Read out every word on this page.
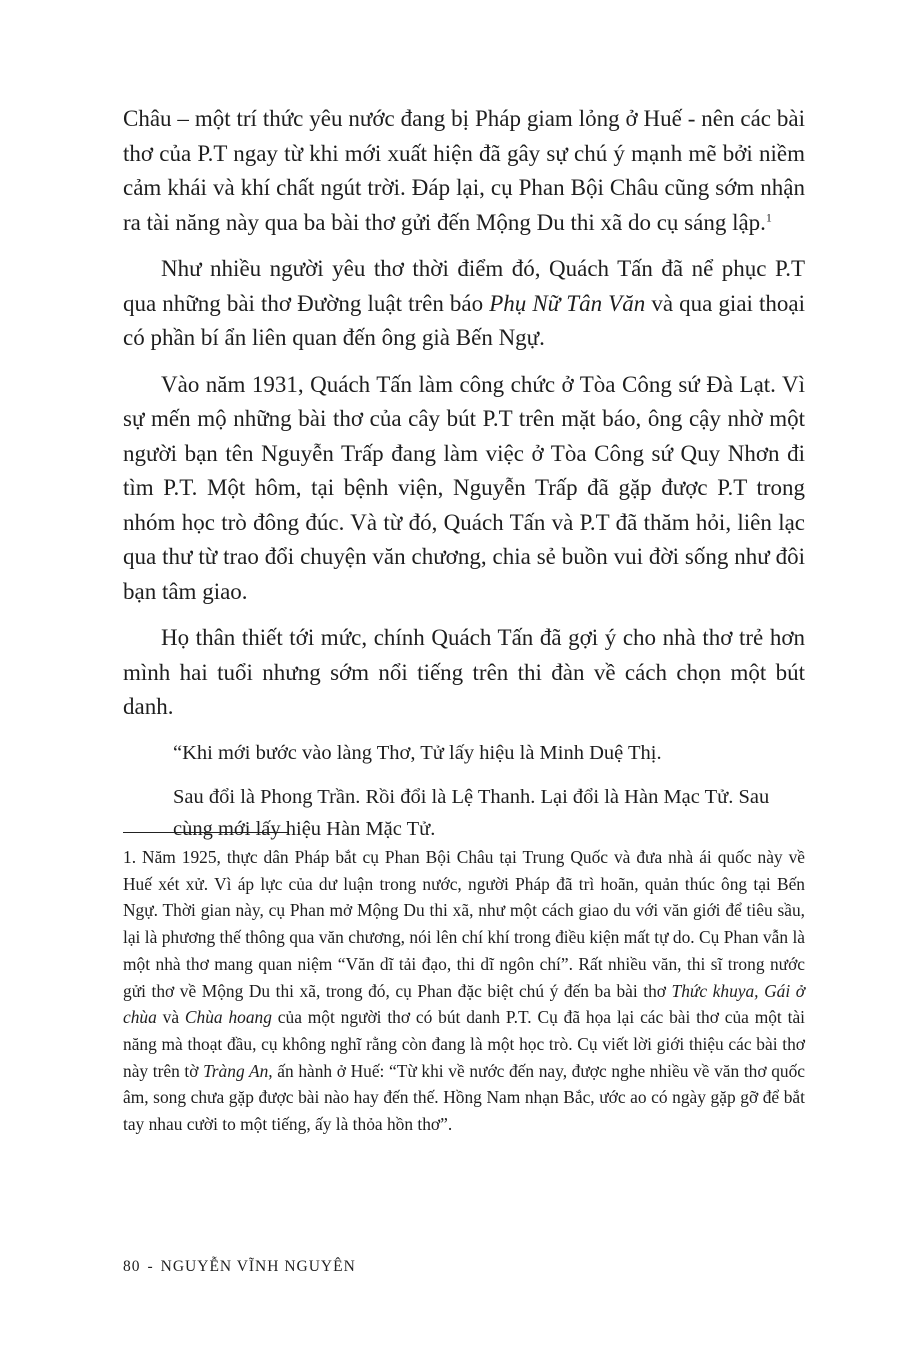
Châu – một trí thức yêu nước đang bị Pháp giam lỏng ở Huế - nên các bài thơ của P.T ngay từ khi mới xuất hiện đã gây sự chú ý mạnh mẽ bởi niềm cảm khái và khí chất ngút trời. Đáp lại, cụ Phan Bội Châu cũng sớm nhận ra tài năng này qua ba bài thơ gửi đến Mộng Du thi xã do cụ sáng lập.$^1$

Như nhiều người yêu thơ thời điểm đó, Quách Tấn đã nể phục P.T qua những bài thơ Đường luật trên báo Phụ Nữ Tân Văn và qua giai thoại có phần bí ẩn liên quan đến ông già Bến Ngự.

Vào năm 1931, Quách Tấn làm công chức ở Tòa Công sứ Đà Lạt. Vì sự mến mộ những bài thơ của cây bút P.T trên mặt báo, ông cậy nhờ một người bạn tên Nguyễn Trấp đang làm việc ở Tòa Công sứ Quy Nhơn đi tìm P.T. Một hôm, tại bệnh viện, Nguyễn Trấp đã gặp được P.T trong nhóm học trò đông đúc. Và từ đó, Quách Tấn và P.T đã thăm hỏi, liên lạc qua thư từ trao đổi chuyện văn chương, chia sẻ buồn vui đời sống như đôi bạn tâm giao.

Họ thân thiết tới mức, chính Quách Tấn đã gợi ý cho nhà thơ trẻ hơn mình hai tuổi nhưng sớm nổi tiếng trên thi đàn về cách chọn một bút danh.

“Khi mới bước vào làng Thơ, Tử lấy hiệu là Minh Duệ Thị.

Sau đổi là Phong Trần. Rồi đổi là Lệ Thanh. Lại đổi là Hàn Mạc Tử. Sau cùng mới lấy hiệu Hàn Mặc Tử.

1. Năm 1925, thực dân Pháp bắt cụ Phan Bội Châu tại Trung Quốc và đưa nhà ái quốc này về Huế xét xử. Vì áp lực của dư luận trong nước, người Pháp đã trì hoãn, quản thúc ông tại Bến Ngự. Thời gian này, cụ Phan mở Mộng Du thi xã, như một cách giao du với văn giới để tiêu sầu, lại là phương thế thông qua văn chương, nói lên chí khí trong điều kiện mất tự do. Cụ Phan vẫn là một nhà thơ mang quan niệm “Văn dĩ tải đạo, thi dĩ ngôn chí”. Rất nhiều văn, thi sĩ trong nước gửi thơ về Mộng Du thi xã, trong đó, cụ Phan đặc biệt chú ý đến ba bài thơ Thức khuya, Gái ở chùa và Chùa hoang của một người thơ có bút danh P.T. Cụ đã họa lại các bài thơ của một tài năng mà thoạt đầu, cụ không nghĩ rằng còn đang là một học trò. Cụ viết lời giới thiệu các bài thơ này trên tờ Tràng An, ấn hành ở Huế: “Từ khi về nước đến nay, được nghe nhiều về văn thơ quốc âm, song chưa gặp được bài nào hay đến thế. Hồng Nam nhạn Bắc, ước ao có ngày gặp gỡ để bắt tay nhau cười to một tiếng, ấy là thỏa hồn thơ”.

80 - NGUYỄN VĨNH NGUYÊN
